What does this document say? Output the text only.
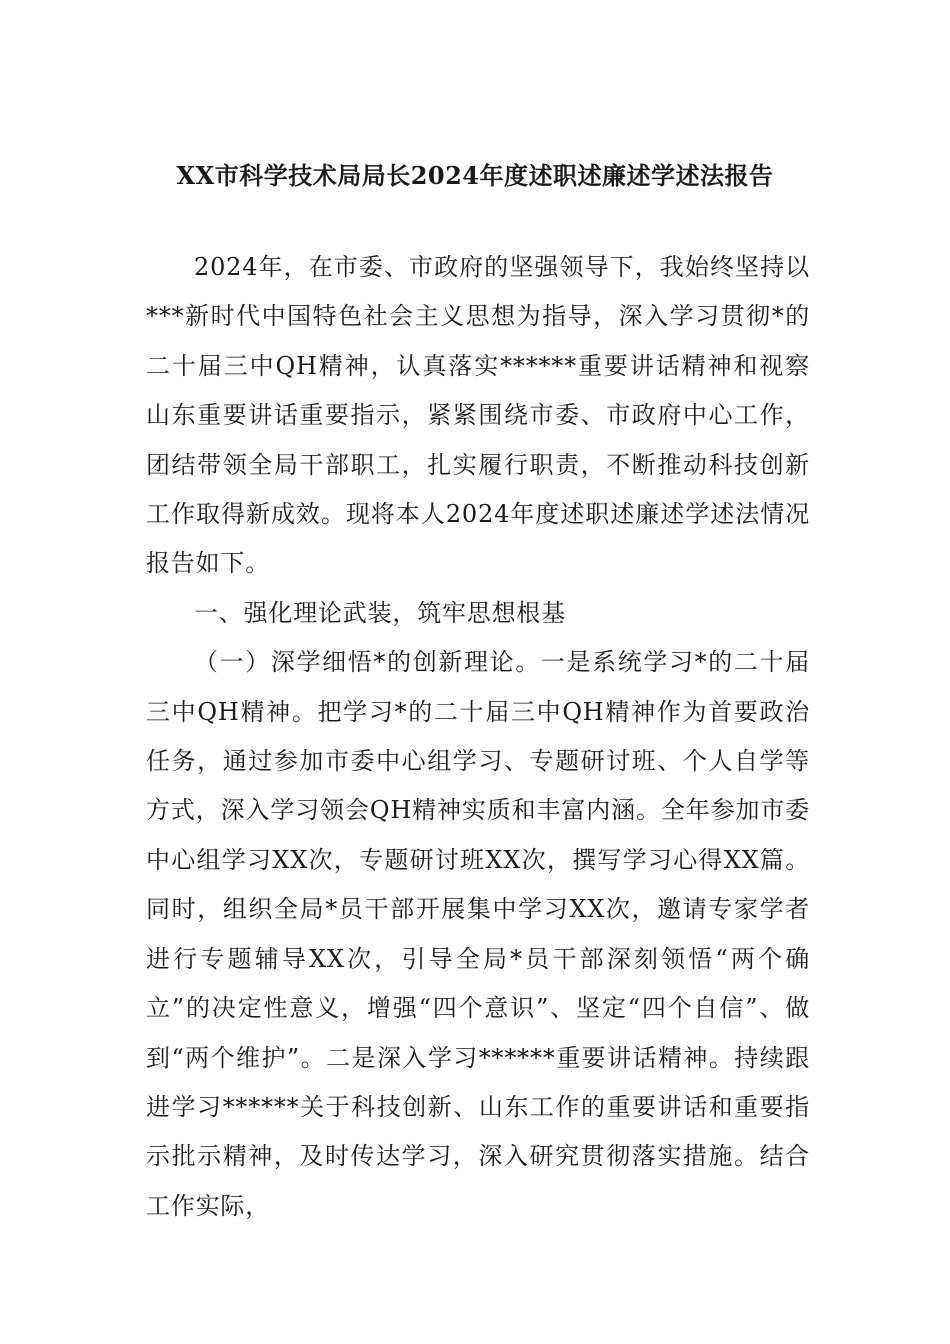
XX市科学技术局局长2024年度述职述廉述学述法报告

2024年，在市委、市政府的坚强领导下，我始终坚持以***新时代中国特色社会主义思想为指导，深入学习贯彻*的二十届三中QH精神，认真落实******重要讲话精神和视察山东重要讲话重要指示，紧紧围绕市委、市政府中心工作，团结带领全局干部职工，扎实履行职责，不断推动科技创新工作取得新成效。现将本人2024年度述职述廉述学述法情况报告如下。

一、强化理论武装，筑牢思想根基

（一）深学细悟*的创新理论。一是系统学习*的二十届三中QH精神。把学习*的二十届三中QH精神作为首要政治任务，通过参加市委中心组学习、专题研讨班、个人自学等方式，深入学习领会QH精神实质和丰富内涵。全年参加市委中心组学习XX次，专题研讨班XX次，撰写学习心得XX篇。同时，组织全局*员干部开展集中学习XX次，邀请专家学者进行专题辅导XX次，引导全局*员干部深刻领悟“两个确立”的决定性意义，增强“四个意识”、坚定“四个自信”、做到“两个维护”。二是深入学习******重要讲话精神。持续跟进学习******关于科技创新、山东工作的重要讲话和重要指示批示精神，及时传达学习，深入研究贯彻落实措施。结合工作实际，
